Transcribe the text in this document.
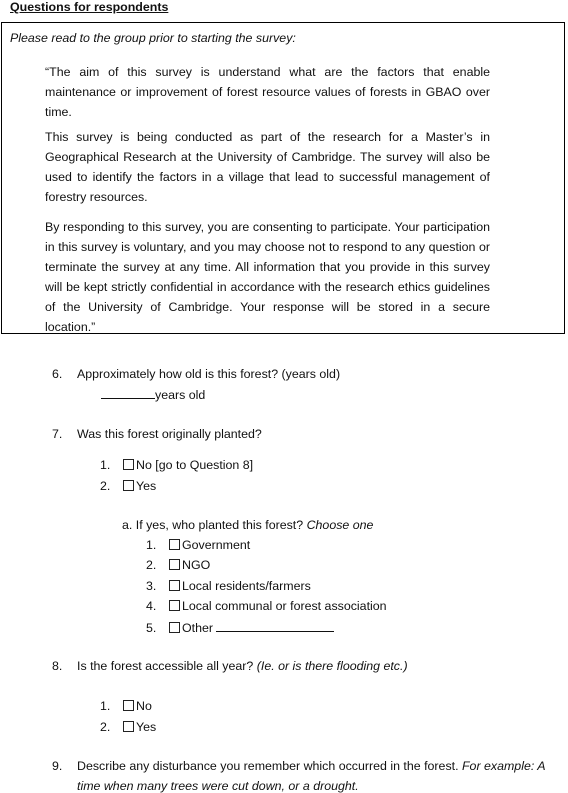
Questions for respondents
Please read to the group prior to starting the survey:
“The aim of this survey is understand what are the factors that enable maintenance or improvement of forest resource values of forests in GBAO over time.
This survey is being conducted as part of the research for a Master’s in Geographical Research at the University of Cambridge. The survey will also be used to identify the factors in a village that lead to successful management of forestry resources.
By responding to this survey, you are consenting to participate. Your participation in this survey is voluntary, and you may choose not to respond to any question or terminate the survey at any time. All information that you provide in this survey will be kept strictly confidential in accordance with the research ethics guidelines of the University of Cambridge. Your response will be stored in a secure location.”
6. Approximately how old is this forest? (years old)
years old
7. Was this forest originally planted?
1. No [go to Question 8]
2. Yes
a. If yes, who planted this forest? Choose one
1. Government
2. NGO
3. Local residents/farmers
4. Local communal or forest association
5. Other
8. Is the forest accessible all year? (Ie. or is there flooding etc.)
1. No
2. Yes
9. Describe any disturbance you remember which occurred in the forest. For example: A
time when many trees were cut down, or a drought.
